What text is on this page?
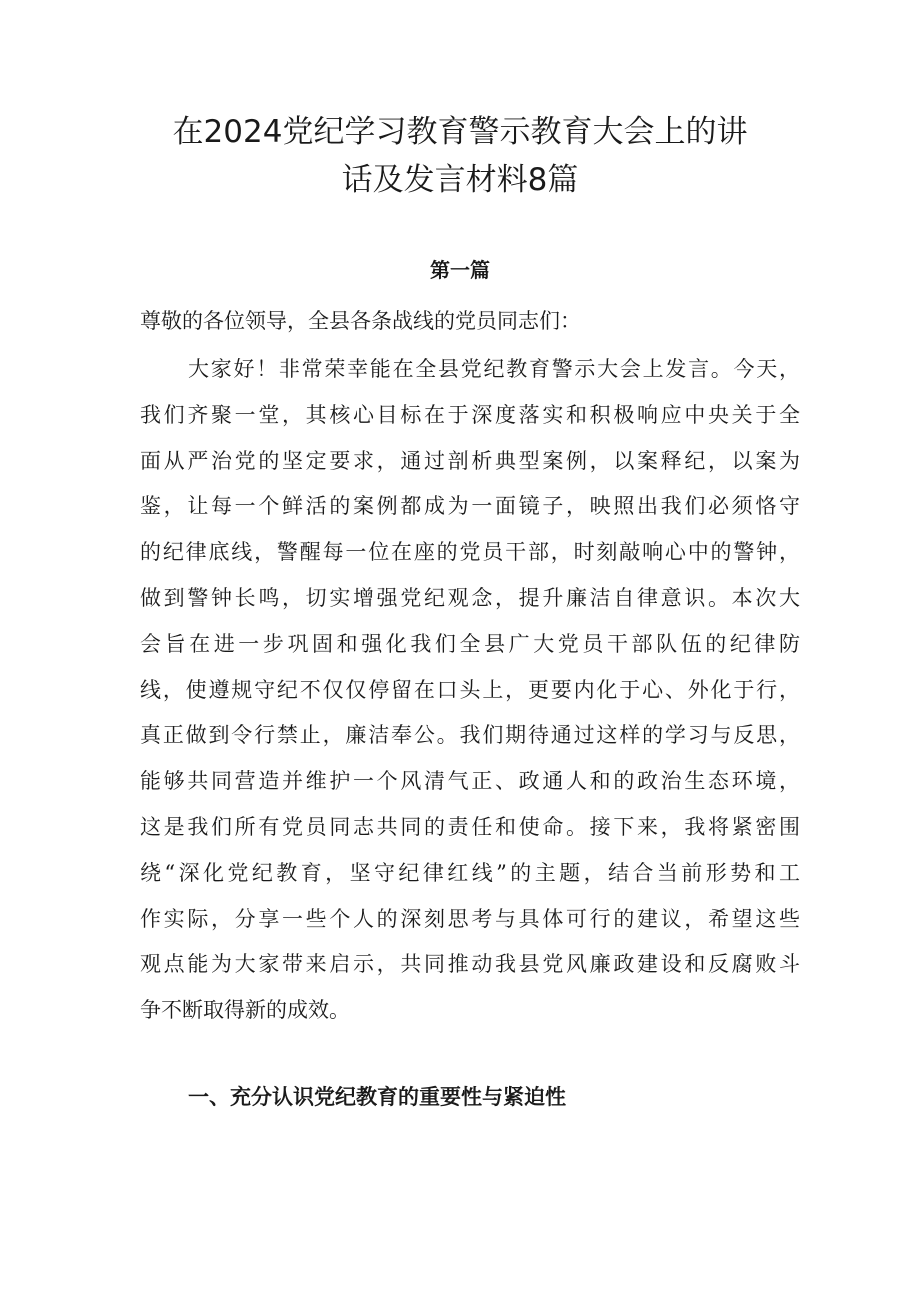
在2024党纪学习教育警示教育大会上的讲
话及发言材料8篇
第一篇
尊敬的各位领导，全县各条战线的党员同志们：
大家好！非常荣幸能在全县党纪教育警示大会上发言。今天，
我们齐聚一堂，其核心目标在于深度落实和积极响应中央关于全
面从严治党的坚定要求，通过剖析典型案例，以案释纪，以案为
鉴，让每一个鲜活的案例都成为一面镜子，映照出我们必须恪守
的纪律底线，警醒每一位在座的党员干部，时刻敲响心中的警钟，
做到警钟长鸣，切实增强党纪观念，提升廉洁自律意识。本次大
会旨在进一步巩固和强化我们全县广大党员干部队伍的纪律防
线，使遵规守纪不仅仅停留在口头上，更要内化于心、外化于行，
真正做到令行禁止，廉洁奉公。我们期待通过这样的学习与反思，
能够共同营造并维护一个风清气正、政通人和的政治生态环境，
这是我们所有党员同志共同的责任和使命。接下来，我将紧密围
绕“深化党纪教育，坚守纪律红线”的主题，结合当前形势和工
作实际，分享一些个人的深刻思考与具体可行的建议，希望这些
观点能为大家带来启示，共同推动我县党风廉政建设和反腐败斗
争不断取得新的成效。
一、充分认识党纪教育的重要性与紧迫性
